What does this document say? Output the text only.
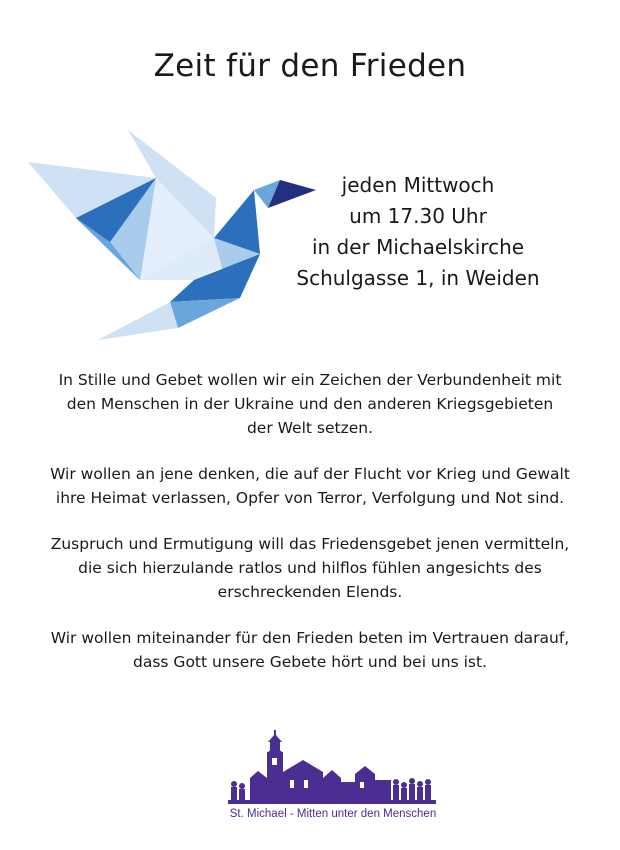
Zeit für den Frieden
jeden Mittwoch
um 17.30 Uhr
in der Michaelskirche
Schulgasse 1, in Weiden

In Stille und Gebet wollen wir ein Zeichen der Verbundenheit mit
den Menschen in der Ukraine und den anderen Kriegsgebieten
der Welt setzen.

Wir wollen an jene denken, die auf der Flucht vor Krieg und Gewalt
ihre Heimat verlassen, Opfer von Terror, Verfolgung und Not sind.

Zuspruch und Ermutigung will das Friedensgebet jenen vermitteln,
die sich hierzulande ratlos und hilflos fühlen angesichts des
erschreckenden Elends.

Wir wollen miteinander für den Frieden beten im Vertrauen darauf,
dass Gott unsere Gebete hört und bei uns ist.

St. Michael - Mitten unter den Menschen
